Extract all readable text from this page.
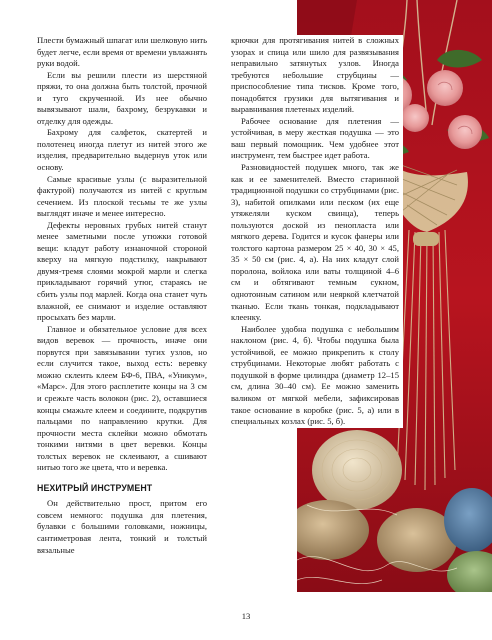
Плести бумажный шпагат или шелковую нить будет легче, если время от времени увлажнять руки водой.

Если вы решили плести из шерстяной пряжи, то она должна быть толстой, прочной и туго скрученной. Из нее обычно вывязывают шали, бахрому, безрукавки и отделку для одежды.

Бахрому для салфеток, скатертей и полотенец иногда плетут из нитей этого же изделия, предварительно выдернув уток или основу.

Самые красивые узлы (с выразительной фактурой) получаются из нитей с круглым сечением. Из плоской тесьмы те же узлы выглядят иначе и менее интересно.

Дефекты неровных грубых нитей станут менее заметными после утюжки готовой вещи: кладут работу изнаночной стороной кверху на мягкую подстилку, накрывают двумя-тремя слоями мокрой марли и слегка прикладывают горячий утюг, стараясь не сбить узлы под марлей. Когда она станет чуть влажной, ее снимают и изделие оставляют просыхать без марли.

Главное и обязательное условие для всех видов веревок — прочность, иначе они порвутся при завязывании тугих узлов, но если случится такое, выход есть: веревку можно склеить клеем БФ-6, ПВА, «Уникум», «Марс». Для этого расплетите концы на 3 см и срежьте часть волокон (рис. 2), оставшиеся концы смажьте клеем и соедините, подкрутив пальцами по направлению крутки. Для прочности места склейки можно обмотать тонкими нитями в цвет веревки. Концы толстых веревок не склеивают, а сшивают нитью того же цвета, что и веревка.

НЕХИТРЫЙ ИНСТРУМЕНТ

Он действительно прост, притом его совсем немного: подушка для плетения, булавки с большими головками, ножницы, сантиметровая лента, тонкий и толстый вязальные

крючки для протягивания нитей в сложных узорах и спица или шило для развязывания неправильно затянутых узлов. Иногда требуются небольшие струбцины — приспособление типа тисков. Кроме того, понадобятся грузики для вытягивания и выравнивания плетеных изделий.

Рабочее основание для плетения — устойчивая, в меру жесткая подушка — это ваш первый помощник. Чем удобнее этот инструмент, тем быстрее идет работа.

Разновидностей подушек много, так же как и ее заменителей. Вместо старинной традиционной подушки со струбцинами (рис. 3), набитой опилками или песком (их еще утяжеляли куском свинца), теперь пользуются доской из пенопласта или мягкого дерева. Годится и кусок фанеры или толстого картона размером 25 × 40, 30 × 45, 35 × 50 см (рис. 4, а). На них кладут слой поролона, войлока или ваты толщиной 4–6 см и обтягивают темным сукном, однотонным сатином или неяркой клетчатой тканью. Если ткань тонкая, подкладывают клеенку.

Наиболее удобна подушка с небольшим наклоном (рис. 4, б). Чтобы подушка была устойчивой, ее можно прикрепить к столу струбцинами. Некоторые любят работать с подушкой в форме цилиндра (диаметр 12–15 см, длина 30–40 см). Ее можно заменить валиком от мягкой мебели, зафиксировав такое основание в коробке (рис. 5, а) или в специальных козлах (рис. 5, б).

13
